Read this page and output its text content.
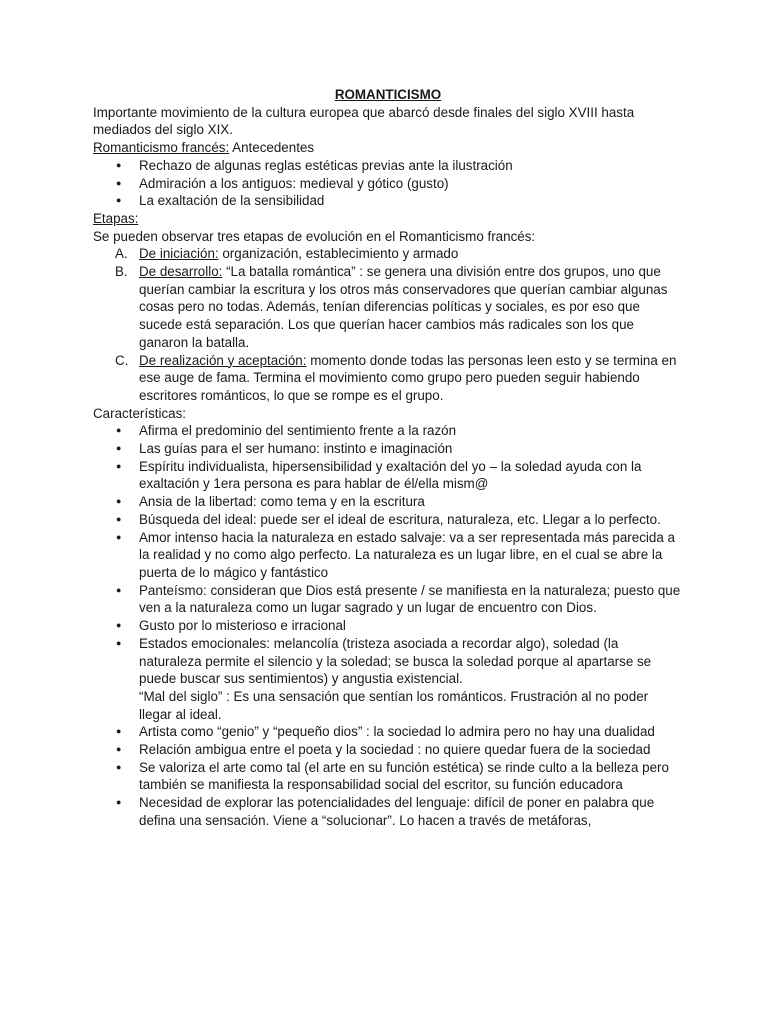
ROMANTICISMO

Importante movimiento de la cultura europea que abarcó desde finales del siglo XVIII hasta mediados del siglo XIX.

Romanticismo francés: Antecedentes

● Rechazo de algunas reglas estéticas previas ante la ilustración
● Admiración a los antiguos: medieval y gótico (gusto)
● La exaltación de la sensibilidad

Etapas:

Se pueden observar tres etapas de evolución en el Romanticismo francés:

A. De iniciación: organización, establecimiento y armado
B. De desarrollo: “La batalla romántica” : se genera una división entre dos grupos, uno que querían cambiar la escritura y los otros más conservadores que querían cambiar algunas cosas pero no todas. Además, tenían diferencias políticas y sociales, es por eso que sucede está separación. Los que querían hacer cambios más radicales son los que ganaron la batalla.
C. De realización y aceptación: momento donde todas las personas leen esto y se termina en ese auge de fama. Termina el movimiento como grupo pero pueden seguir habiendo escritores románticos, lo que se rompe es el grupo.

Características:

● Afirma el predominio del sentimiento frente a la razón
● Las guías para el ser humano: instinto e imaginación
● Espíritu individualista, hipersensibilidad y exaltación del yo – la soledad ayuda con la exaltación y 1era persona es para hablar de él/ella mism@
● Ansia de la libertad: como tema y en la escritura
● Búsqueda del ideal: puede ser el ideal de escritura, naturaleza, etc. Llegar a lo perfecto.
● Amor intenso hacia la naturaleza en estado salvaje: va a ser representada más parecida a la realidad y no como algo perfecto. La naturaleza es un lugar libre, en el cual se abre la puerta de lo mágico y fantástico
● Panteísmo: consideran que Dios está presente / se manifiesta en la naturaleza; puesto que ven a la naturaleza como un lugar sagrado y un lugar de encuentro con Dios.
● Gusto por lo misterioso e irracional
● Estados emocionales: melancolía (tristeza asociada a recordar algo), soledad (la naturaleza permite el silencio y la soledad; se busca la soledad porque al apartarse se puede buscar sus sentimientos) y angustia existencial.
“Mal del siglo” : Es una sensación que sentían los románticos. Frustración al no poder llegar al ideal.
● Artista como “genio” y “pequeño dios” : la sociedad lo admira pero no hay una dualidad
● Relación ambigua entre el poeta y la sociedad : no quiere quedar fuera de la sociedad
● Se valoriza el arte como tal (el arte en su función estética) se rinde culto a la belleza pero también se manifiesta la responsabilidad social del escritor, su función educadora
● Necesidad de explorar las potencialidades del lenguaje: difícil de poner en palabra que defina una sensación. Viene a “solucionar”. Lo hacen a través de metáforas,
